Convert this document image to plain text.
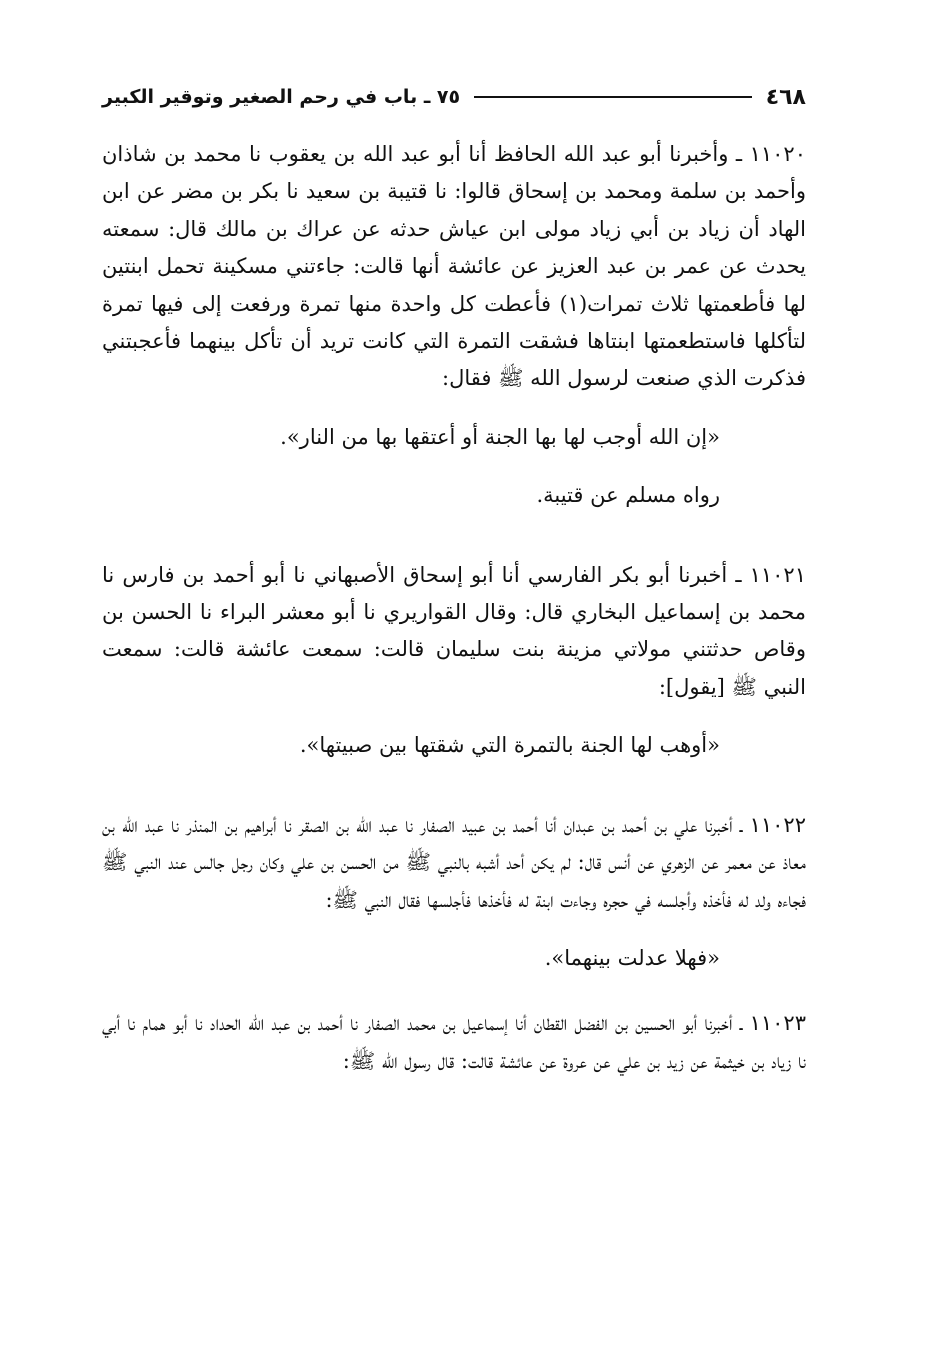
٤٦٨
٧٥ ـ باب في رحم الصغير وتوقير الكبير

١١٠٢٠ ـ وأخبرنا أبو عبد الله الحافظ أنا أبو عبد الله بن يعقوب نا محمد بن شاذان وأحمد بن سلمة ومحمد بن إسحاق قالوا: نا قتيبة بن سعيد نا بكر بن مضر عن ابن الهاد أن زياد بن أبي زياد مولى ابن عياش حدثه عن عراك بن مالك قال: سمعته يحدث عن عمر بن عبد العزيز عن عائشة أنها قالت: جاءتني مسكينة تحمل ابنتين لها فأطعمتها ثلاث تمرات(١) فأعطت كل واحدة منها تمرة ورفعت إلى فيها تمرة لتأكلها فاستطعمتها ابنتاها فشقت التمرة التي كانت تريد أن تأكل بينهما فأعجبتني فذكرت الذي صنعت لرسول الله ﷺ فقال:

«إن الله أوجب لها بها الجنة أو أعتقها بها من النار».

رواه مسلم عن قتيبة.

١١٠٢١ ـ أخبرنا أبو بكر الفارسي أنا أبو إسحاق الأصبهاني نا أبو أحمد بن فارس نا محمد بن إسماعيل البخاري قال: وقال القواريري نا أبو معشر البراء نا الحسن بن وقاص حدثتني مولاتي مزينة بنت سليمان قالت: سمعت عائشة قالت: سمعت النبي ﷺ [يقول]:

«أوهب لها الجنة بالتمرة التي شقتها بين صبيتها».

١١٠٢٢ ـ أخبرنا علي بن أحمد بن عبدان أنا أحمد بن عبيد الصفار نا عبد الله بن الصقر نا أبراهيم بن المنذر نا عبد الله بن معاذ عن معمر عن الزهري عن أنس قال: لم يكن أحد أشبه بالنبي ﷺ من الحسن بن علي وكان رجل جالس عند النبي ﷺ فجاءه ولد له فأخذه وأجلسه في حجره وجاءت ابنة له فأخذها فأجلسها فقال النبي ﷺ:

«فهلا عدلت بينهما».

١١٠٢٣ ـ أخبرنا أبو الحسين بن الفضل القطان أنا إسماعيل بن محمد الصفار نا أحمد بن عبد الله الحداد نا أبو همام نا أبي نا زياد بن خيثمة عن زيد بن علي عن عروة عن عائشة قالت: قال رسول الله ﷺ:
